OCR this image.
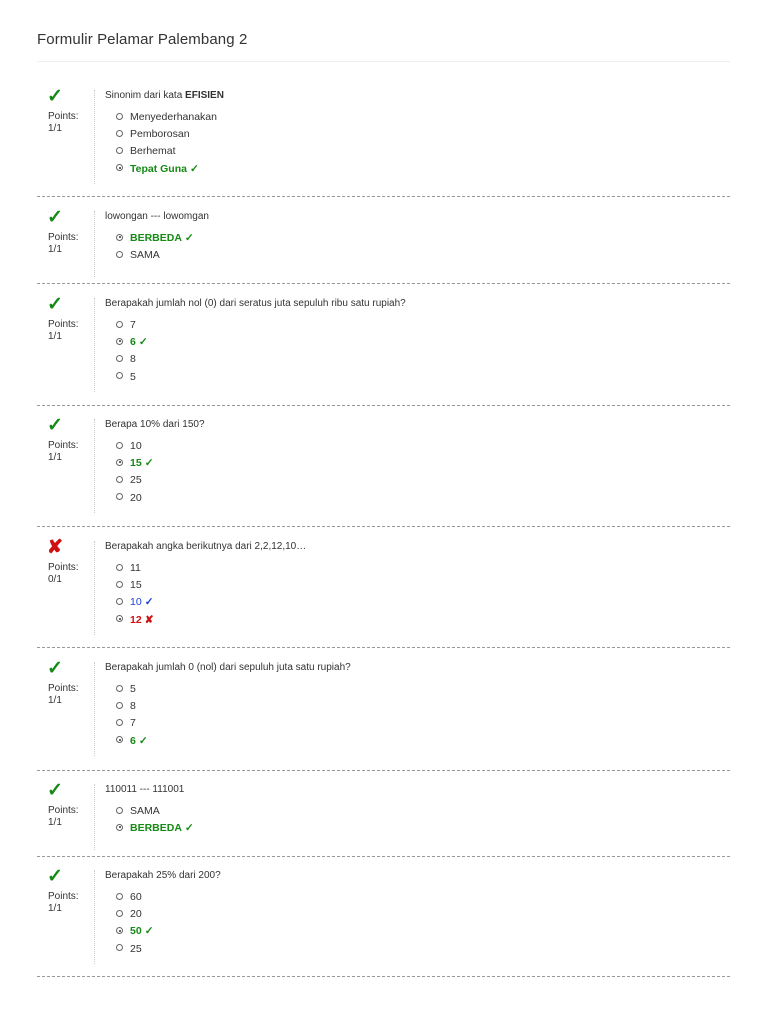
Formulir Pelamar Palembang 2
✓
Points:
1/1
Sinonim dari kata EFISIEN
Menyederhanakan
Pemborosan
Berhemat
Tepat Guna ✓
✓
Points:
1/1
lowongan --- lowomgan
BERBEDA ✓
SAMA
✓
Points:
1/1
Berapakah jumlah nol (0) dari seratus juta sepuluh ribu satu rupiah?
7
6 ✓
8
5
✓
Points:
1/1
Berapa 10% dari 150?
10
15 ✓
25
20
✘
Points:
0/1
Berapakah angka berikutnya dari 2,2,12,10…
11
15
10 ✓
12 ✘
✓
Points:
1/1
Berapakah jumlah 0 (nol) dari sepuluh juta satu rupiah?
5
8
7
6 ✓
✓
Points:
1/1
110011 --- 111001
SAMA
BERBEDA ✓
✓
Points:
1/1
Berapakah 25% dari 200?
60
20
50 ✓
25
